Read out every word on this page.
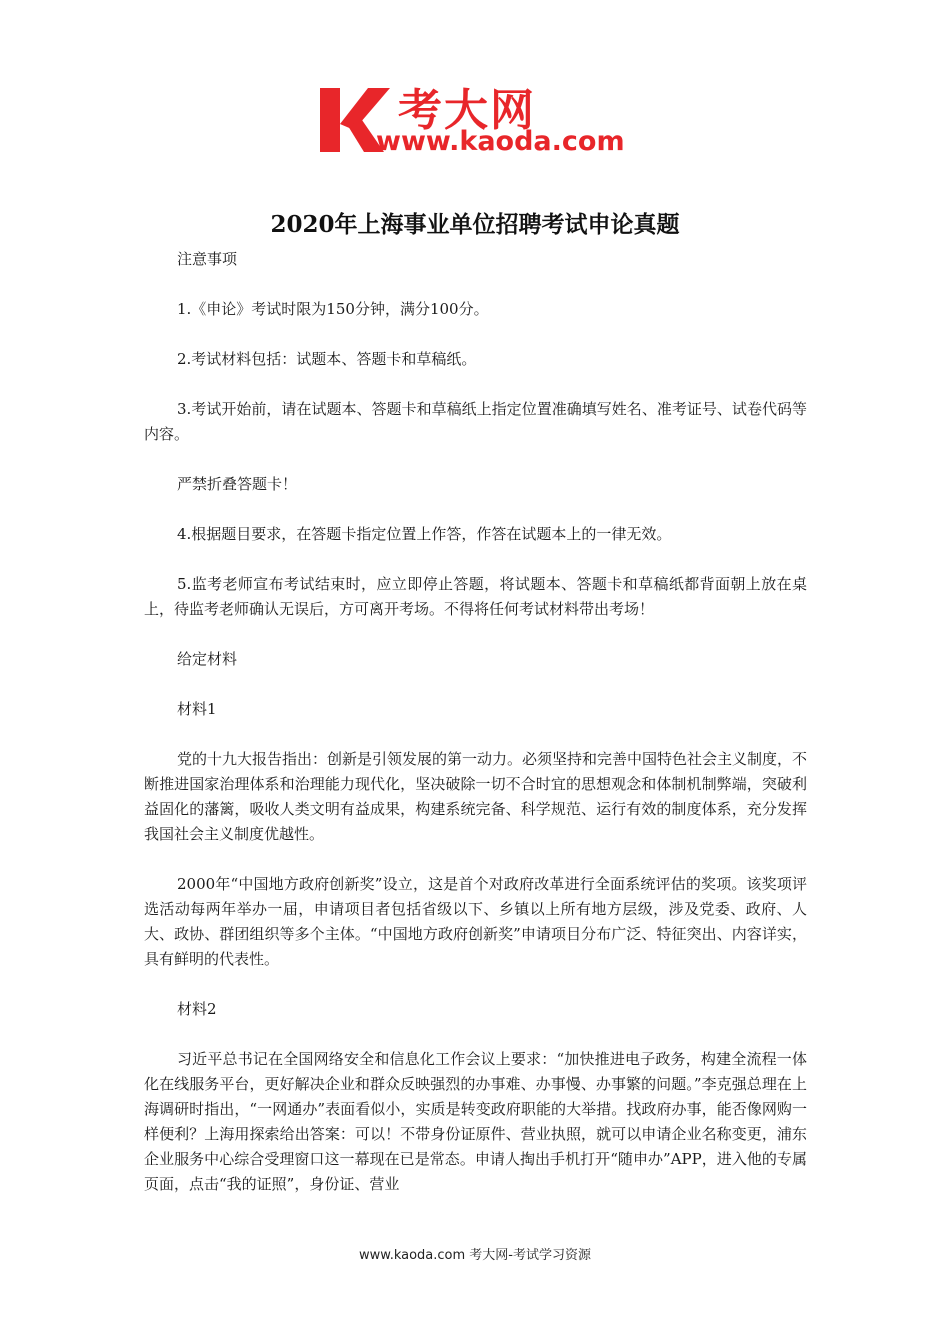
考大网
www.kaoda.com
2020年上海事业单位招聘考试申论真题

注意事项

1.《申论》考试时限为150分钟，满分100分。

2.考试材料包括：试题本、答题卡和草稿纸。

3.考试开始前，请在试题本、答题卡和草稿纸上指定位置准确填写姓名、准考证号、试卷代码等内容。

严禁折叠答题卡！

4.根据题目要求，在答题卡指定位置上作答，作答在试题本上的一律无效。

5.监考老师宣布考试结束时，应立即停止答题，将试题本、答题卡和草稿纸都背面朝上放在桌上，待监考老师确认无误后，方可离开考场。不得将任何考试材料带出考场！

给定材料

材料1

党的十九大报告指出：创新是引领发展的第一动力。必须坚持和完善中国特色社会主义制度，不断推进国家治理体系和治理能力现代化，坚决破除一切不合时宜的思想观念和体制机制弊端，突破利益固化的藩篱，吸收人类文明有益成果，构建系统完备、科学规范、运行有效的制度体系，充分发挥我国社会主义制度优越性。

2000年“中国地方政府创新奖”设立，这是首个对政府改革进行全面系统评估的奖项。该奖项评选活动每两年举办一届，申请项目者包括省级以下、乡镇以上所有地方层级，涉及党委、政府、人大、政协、群团组织等多个主体。“中国地方政府创新奖”申请项目分布广泛、特征突出、内容详实，具有鲜明的代表性。

材料2

习近平总书记在全国网络安全和信息化工作会议上要求：“加快推进电子政务，构建全流程一体化在线服务平台，更好解决企业和群众反映强烈的办事难、办事慢、办事繁的问题。”李克强总理在上海调研时指出，“一网通办”表面看似小，实质是转变政府职能的大举措。找政府办事，能否像网购一样便利？上海用探索给出答案：可以！不带身份证原件、营业执照，就可以申请企业名称变更，浦东企业服务中心综合受理窗口这一幕现在已是常态。申请人掏出手机打开“随申办”APP，进入他的专属页面，点击“我的证照”，身份证、营业

www.kaoda.com 考大网-考试学习资源
